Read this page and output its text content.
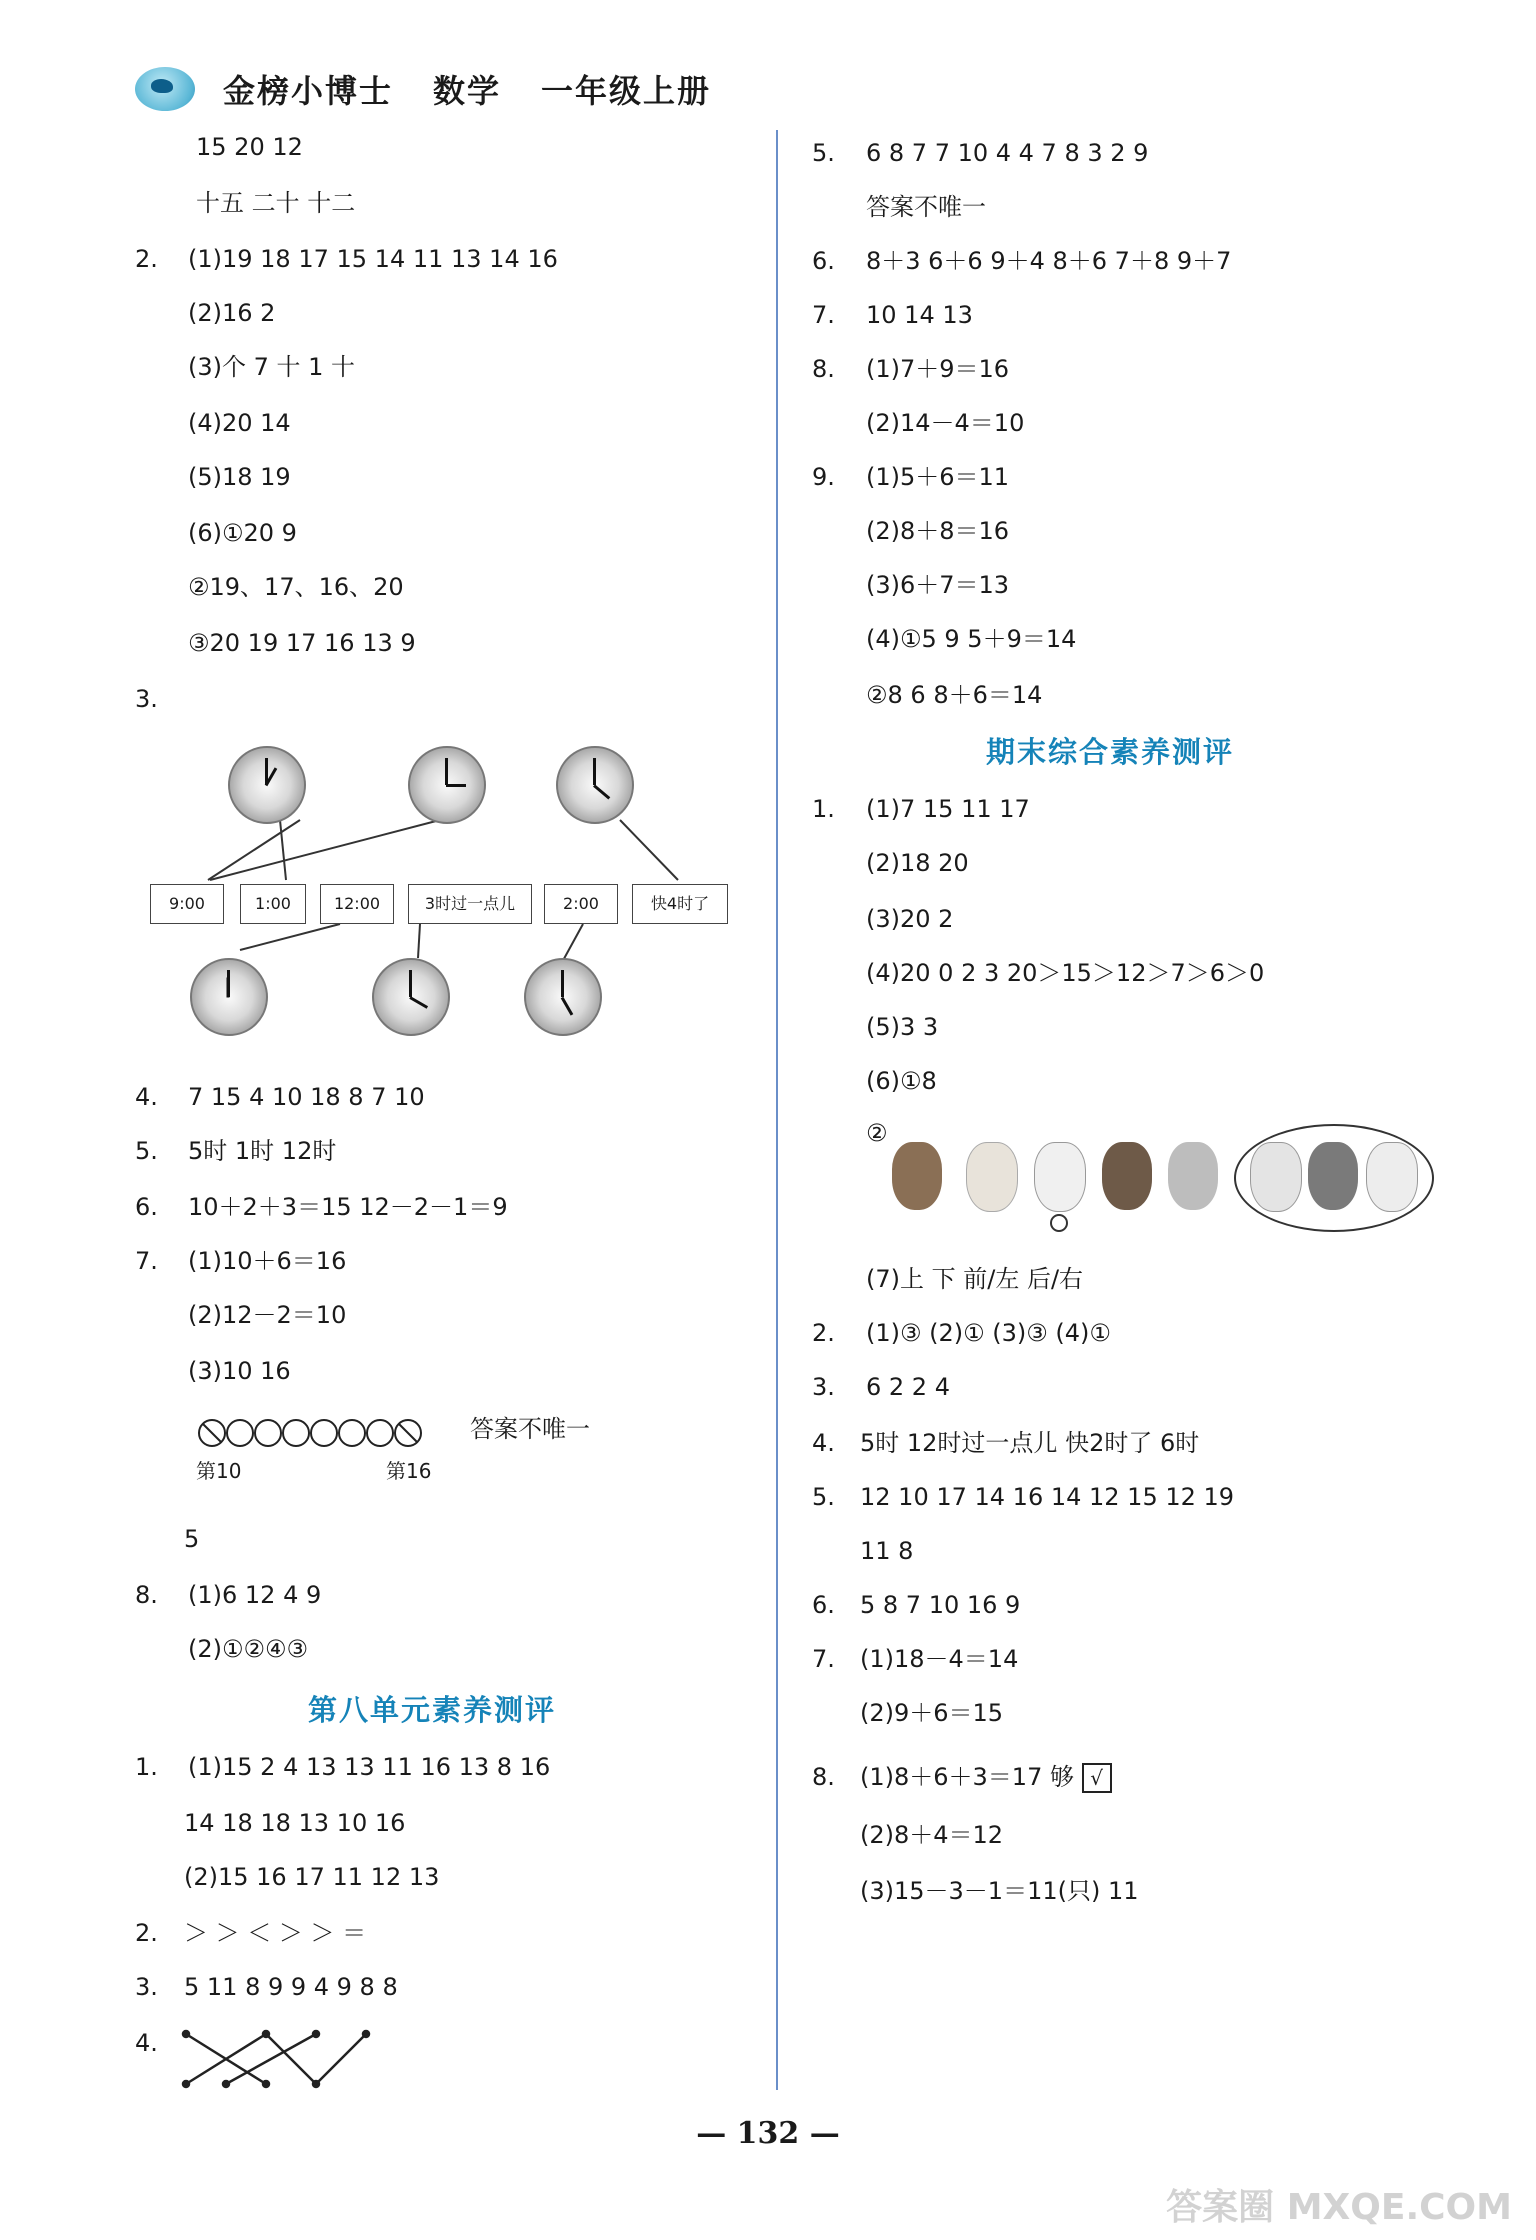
金榜小博士 数学 一年级上册
15 20 12
十五 二十 十二
2. (1)19 18 17 15 14 11 13 14 16
(2)16 2
(3)个 7 十 1 十
(4)20 14
(5)18 19
(6)①20 9
②19、17、16、20
③20 19 17 16 13 9
3.
9:00	1:00	12:00	3时过一点儿	2:00	快4时了
4. 7 15 4 10 18 8 7 10
5. 5时 1时 12时
6. 10＋2＋3＝15 12－2－1＝9
7. (1)10＋6＝16
(2)12－2＝10
(3)10 16
答案不唯一
第10	第16
5
8. (1)6 12 4 9
(2)①②④③
第八单元素养测评
1. (1)15 2 4 13 13 11 16 13 8 16
14 18 18 13 10 16
(2)15 16 17 11 12 13
2. ＞ ＞ ＜ ＞ ＞ ＝
3. 5 11 8 9 9 4 9 8 8
4.
5. 6 8 7 7 10 4 4 7 8 3 2 9
答案不唯一
6. 8＋3 6＋6 9＋4 8＋6 7＋8 9＋7
7. 10 14 13
8. (1)7＋9＝16
(2)14－4＝10
9. (1)5＋6＝11
(2)8＋8＝16
(3)6＋7＝13
(4)①5 9 5＋9＝14
②8 6 8＋6＝14
期末综合素养测评
1. (1)7 15 11 17
(2)18 20
(3)20 2
(4)20 0 2 3 20＞15＞12＞7＞6＞0
(5)3 3
(6)①8
②
(7)上 下 前/左 后/右
2. (1)③ (2)① (3)③ (4)①
3. 6 2 2 4
4. 5时 12时过一点儿 快2时了 6时
5. 12 10 17 14 16 14 12 15 12 19
11 8
6. 5 8 7 10 16 9
7. (1)18－4＝14
(2)9＋6＝15
8. (1)8＋6＋3＝17 够 √
(2)8＋4＝12
(3)15－3－1＝11(只) 11
— 132 —
答案圈 MXQE.COM
